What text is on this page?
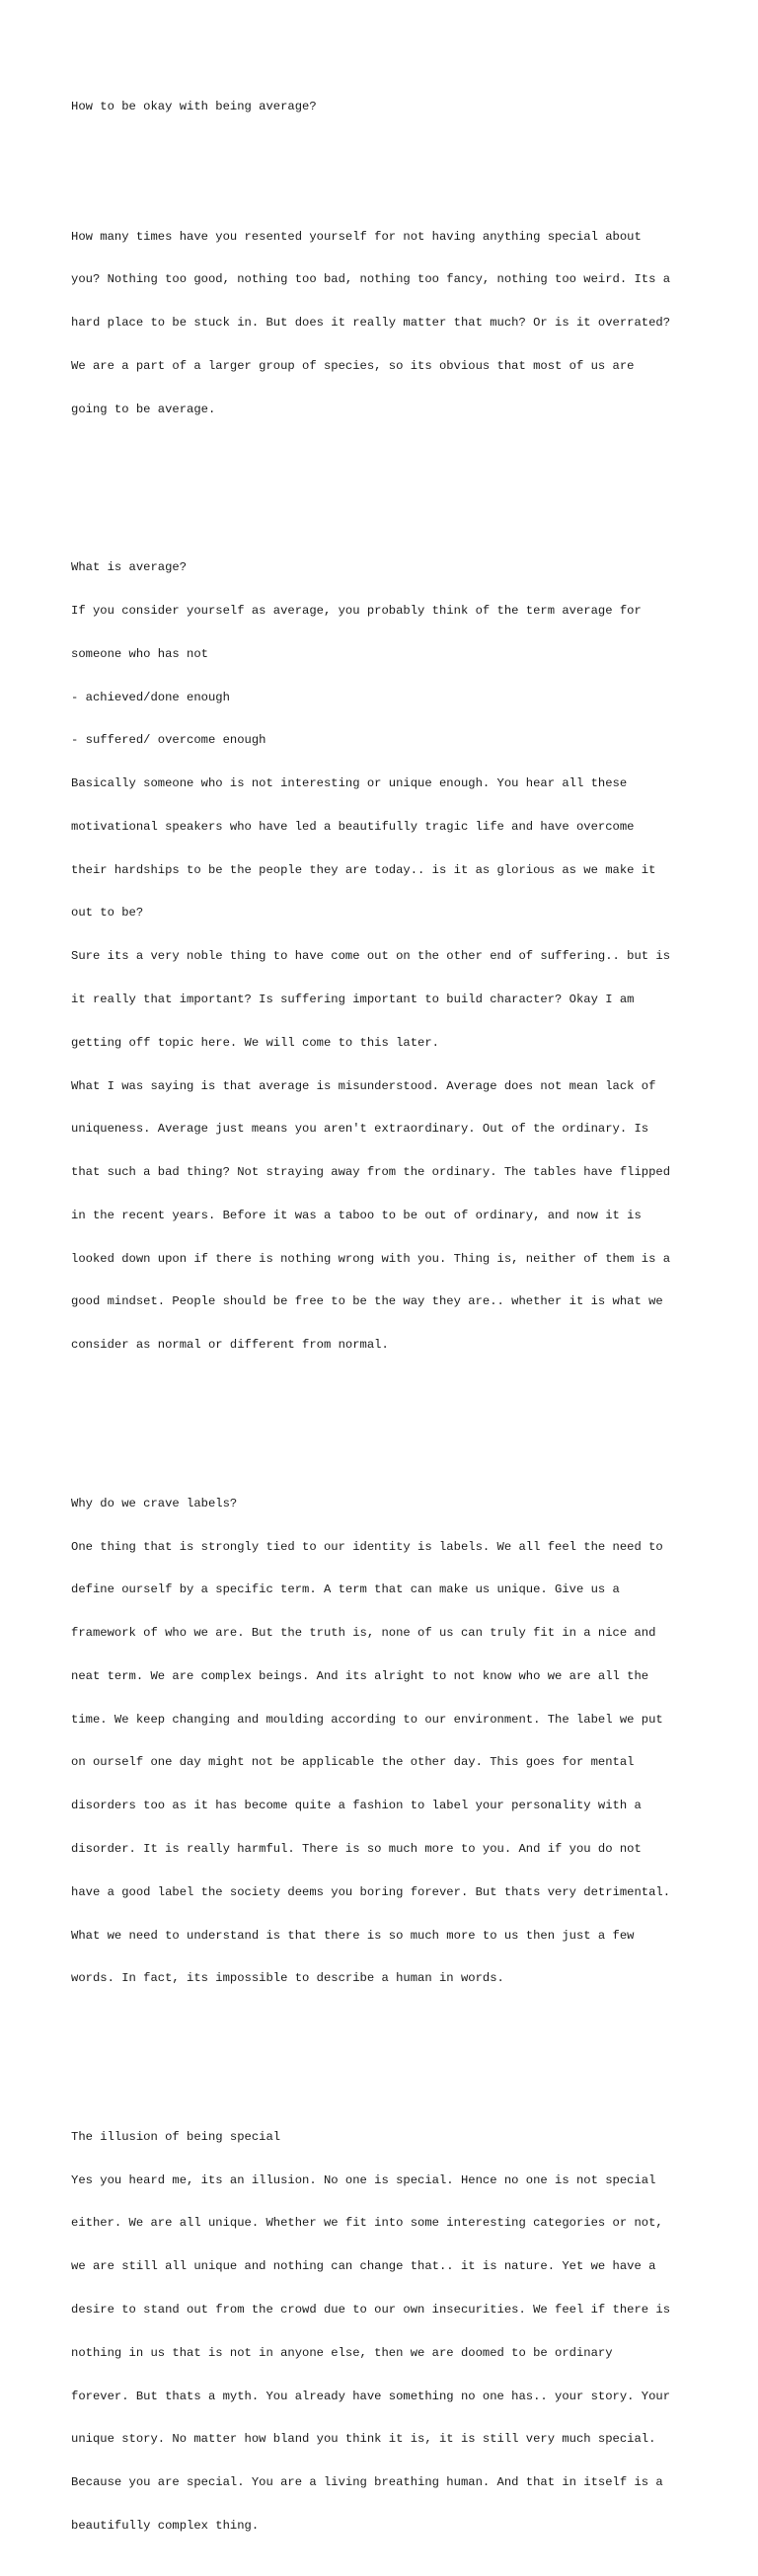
How to be okay with being average?

How many times have you resented yourself for not having anything special about

you? Nothing too good, nothing too bad, nothing too fancy, nothing too weird. Its a

hard place to be stuck in. But does it really matter that much? Or is it overrated?

We are a part of a larger group of species, so its obvious that most of us are

going to be average.

What is average?

If you consider yourself as average, you probably think of the term average for

someone who has not

- achieved/done enough

- suffered/ overcome enough

Basically someone who is not interesting or unique enough. You hear all these

motivational speakers who have led a beautifully tragic life and have overcome

their hardships to be the people they are today.. is it as glorious as we make it

out to be?

Sure its a very noble thing to have come out on the other end of suffering.. but is

it really that important? Is suffering important to build character? Okay I am

getting off topic here. We will come to this later.

What I was saying is that average is misunderstood. Average does not mean lack of

uniqueness. Average just means you aren't extraordinary. Out of the ordinary. Is

that such a bad thing? Not straying away from the ordinary. The tables have flipped

in the recent years. Before it was a taboo to be out of ordinary, and now it is

looked down upon if there is nothing wrong with you. Thing is, neither of them is a

good mindset. People should be free to be the way they are.. whether it is what we

consider as normal or different from normal.

Why do we crave labels?

One thing that is strongly tied to our identity is labels. We all feel the need to

define ourself by a specific term. A term that can make us unique. Give us a

framework of who we are. But the truth is, none of us can truly fit in a nice and

neat term. We are complex beings. And its alright to not know who we are all the

time. We keep changing and moulding according to our environment. The label we put

on ourself one day might not be applicable the other day. This goes for mental

disorders too as it has become quite a fashion to label your personality with a

disorder. It is really harmful. There is so much more to you. And if you do not

have a good label the society deems you boring forever. But thats very detrimental.

What we need to understand is that there is so much more to us then just a few

words. In fact, its impossible to describe a human in words.

The illusion of being special

Yes you heard me, its an illusion. No one is special. Hence no one is not special

either. We are all unique. Whether we fit into some interesting categories or not,

we are still all unique and nothing can change that.. it is nature. Yet we have a

desire to stand out from the crowd due to our own insecurities. We feel if there is

nothing in us that is not in anyone else, then we are doomed to be ordinary

forever. But thats a myth. You already have something no one has.. your story. Your

unique story. No matter how bland you think it is, it is still very much special.

Because you are special. You are a living breathing human. And that in itself is a

beautifully complex thing.
